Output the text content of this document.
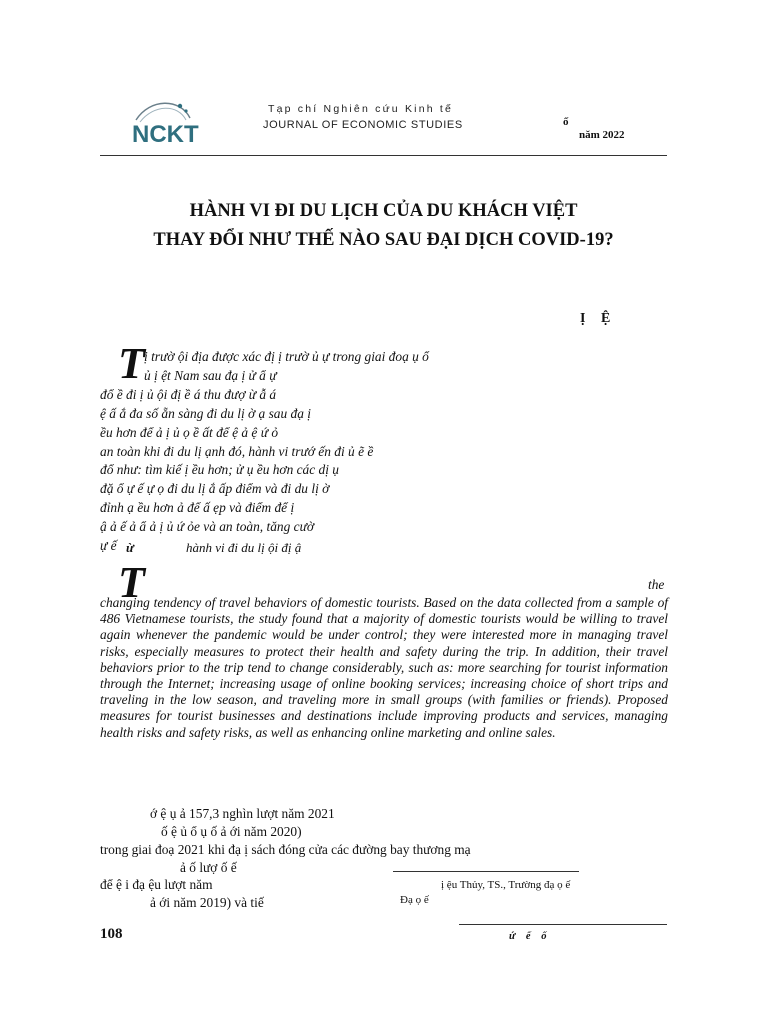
NCKT
Tạp chí Nghiên cứu Kinh tế
JOURNAL OF ECONOMIC STUDIES	ố
năm 2022
HÀNH VI ĐI DU LỊCH CỦA DU KHÁCH VIỆT
THAY ĐỔI NHƯ THẾ NÀO SAU ĐẠI DỊCH COVID-19?
Ị Ệ
T ị trườ ội địa được xác đị ị trườ ủ ự trong giai đoạ ụ ổ
ủ ị ệt Nam sau đạ ị ử ẩ ự
đổ ề đi ị ủ ội đị ề á thu đượ ừ ẫ á
ệ ấ ắ đa số ẵn sàng đi du lị ờ ạ sau đạ ị
ều hơn để ả ị ủ ọ ề ất để ệ ả ệ ứ ỏ
an toàn khi đi du lị ạnh đó, hành vi trướ ến đi ủ ẽ ề
đổ như: tìm kiế ị ều hơn; ử ụ ều hơn các dị ụ
đặ ổ ự ế ự ọ đi du lị ắ ấp điểm và đi du lị ờ
đỉnh ạ ều hơn ả để ấ ẹp và điểm để ị
ậ ả ế ả ẩ ả ị ủ ứ ỏe và an toàn, tăng cườ
ự ế ừ	hành vi đi du lị ội đị ậ
T	the
changing tendency of travel behaviors of domestic tourists. Based on the data collected from a sample of 486 Vietnamese tourists, the study found that a majority of domestic tourists would be willing to travel again whenever the pandemic would be under control; they were interested more in managing travel risks, especially measures to protect their health and safety during the trip. In addition, their travel behaviors prior to the trip tend to change considerably, such as: more searching for tourist information through the Internet; increasing usage of online booking services; increasing choice of short trips and traveling in the low season, and traveling more in small groups (with families or friends). Proposed measures for tourist businesses and destinations include improving products and services, managing health risks and safety risks, as well as enhancing online marketing and online sales.
ớ ệ ụ ả 157,3 nghìn lượt năm 2021
ố ệ ủ ổ ụ ố ả ới năm 2020)
trong giai đoạ 2021 khi đạ ị sách đóng cửa các đường bay thương mạ
ả ố lượ ố ế
để ệ i đạ ệu lượt năm
ả ới năm 2019) và tiế
ị ệu Thủy, TS., Trường đạ ọ ế
Đạ ọ ế
108	ứ ế ố
